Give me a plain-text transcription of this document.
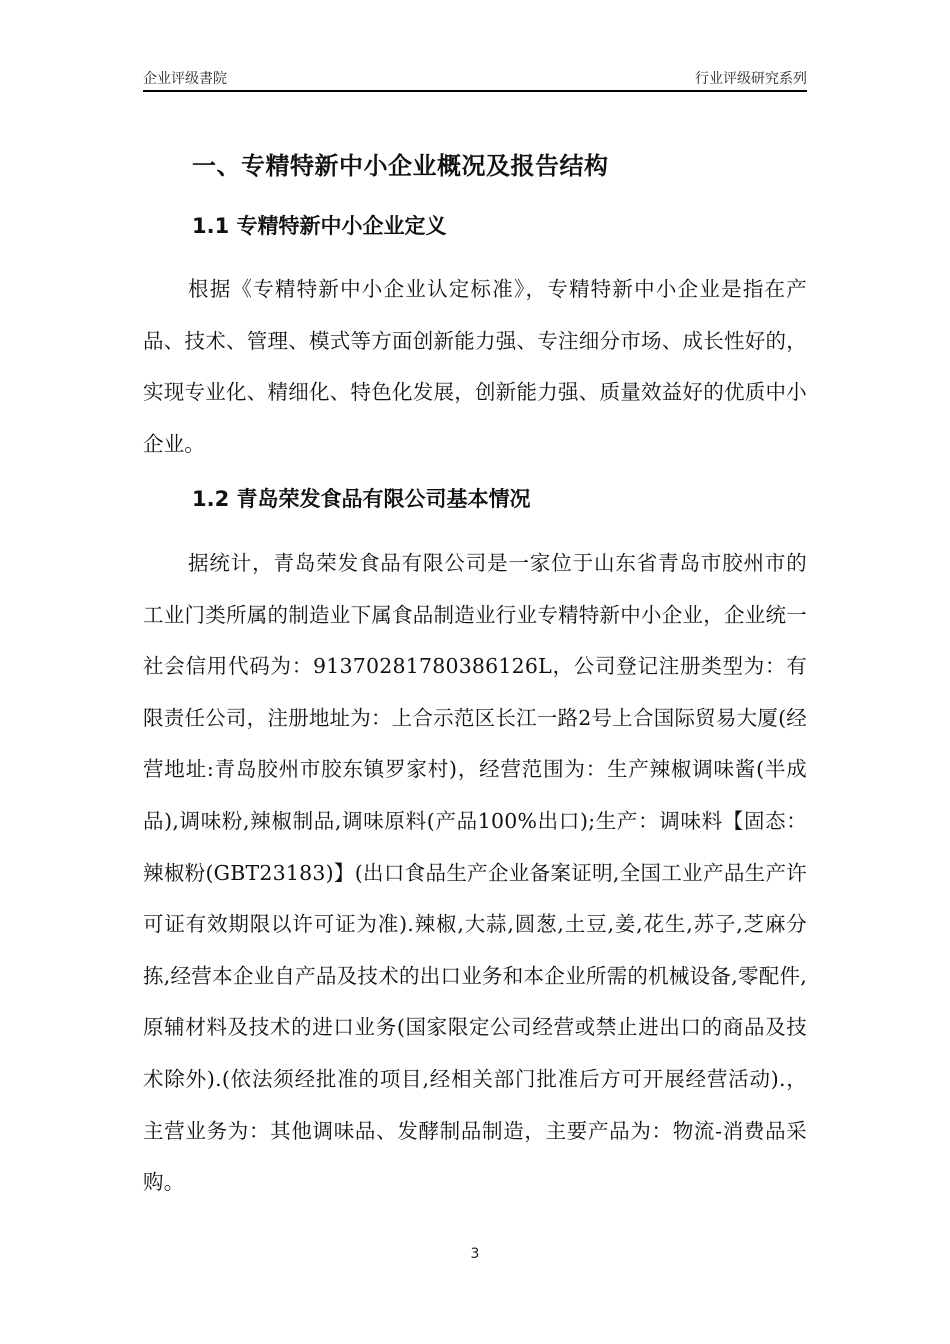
企业评级書院	行业评级研究系列
一、专精特新中小企业概况及报告结构
1.1 专精特新中小企业定义

根据《专精特新中小企业认定标准》，专精特新中小企业是指在产品、技术、管理、模式等方面创新能力强、专注细分市场、成长性好的，实现专业化、精细化、特色化发展，创新能力强、质量效益好的优质中小企业。

1.2 青岛荣发食品有限公司基本情况

据统计，青岛荣发食品有限公司是一家位于山东省青岛市胶州市的工业门类所属的制造业下属食品制造业行业专精特新中小企业，企业统一社会信用代码为：91370281780386126L，公司登记注册类型为：有限责任公司，注册地址为：上合示范区长江一路2号上合国际贸易大厦(经营地址:青岛胶州市胶东镇罗家村)，经营范围为：生产辣椒调味酱(半成品),调味粉,辣椒制品,调味原料(产品100%出口);生产：调味料【固态：辣椒粉(GBT23183)】(出口食品生产企业备案证明,全国工业产品生产许可证有效期限以许可证为准).辣椒,大蒜,圆葱,土豆,姜,花生,苏子,芝麻分拣,经营本企业自产品及技术的出口业务和本企业所需的机械设备,零配件,原辅材料及技术的进口业务(国家限定公司经营或禁止进出口的商品及技术除外).(依法须经批准的项目,经相关部门批准后方可开展经营活动).，主营业务为：其他调味品、发酵制品制造，主要产品为：物流-消费品采购。

3
